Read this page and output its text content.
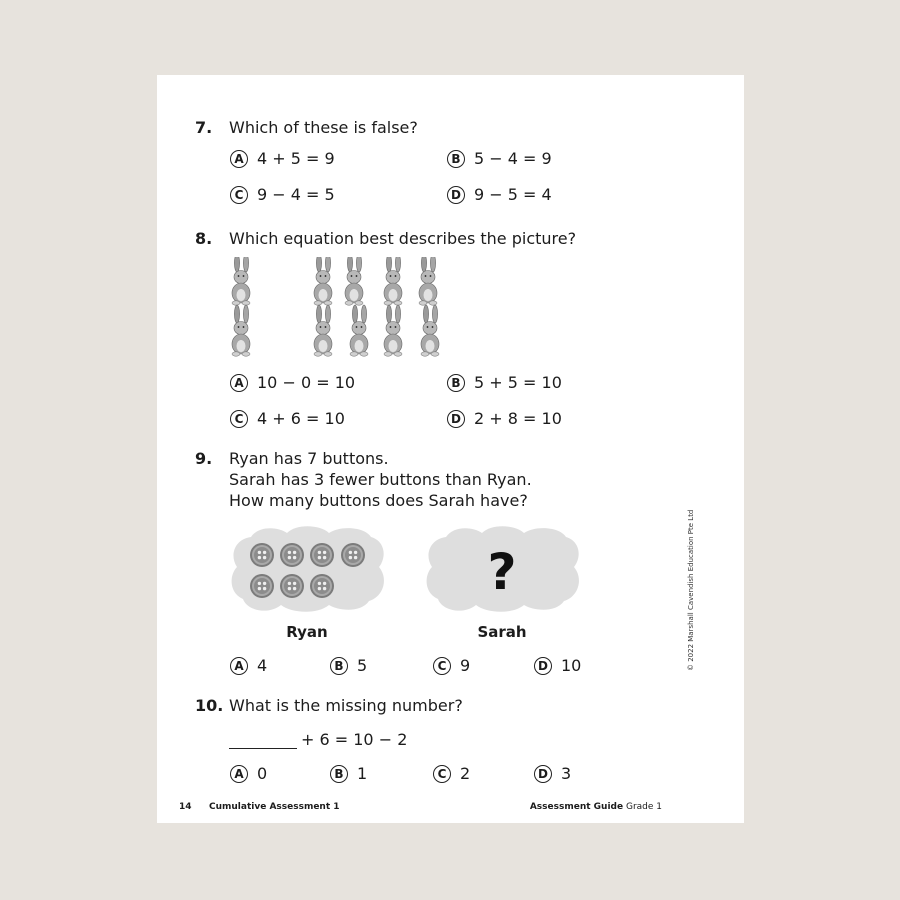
7. Which of these is false?
A 4 + 5 = 9	B 5 − 4 = 9
C 9 − 4 = 5	D 9 − 5 = 4
8. Which equation best describes the picture?
A 10 − 0 = 10	B 5 + 5 = 10
C 4 + 6 = 10	D 2 + 8 = 10
9. Ryan has 7 buttons.
Sarah has 3 fewer buttons than Ryan.
How many buttons does Sarah have?
Ryan
?
Sarah
A 4	B 5	C 9	D 10
10. What is the missing number?
+ 6 = 10 − 2
A 0	B 1	C 2	D 3
© 2022 Marshall Cavendish Education Pte Ltd
14 Cumulative Assessment 1	Assessment Guide Grade 1
